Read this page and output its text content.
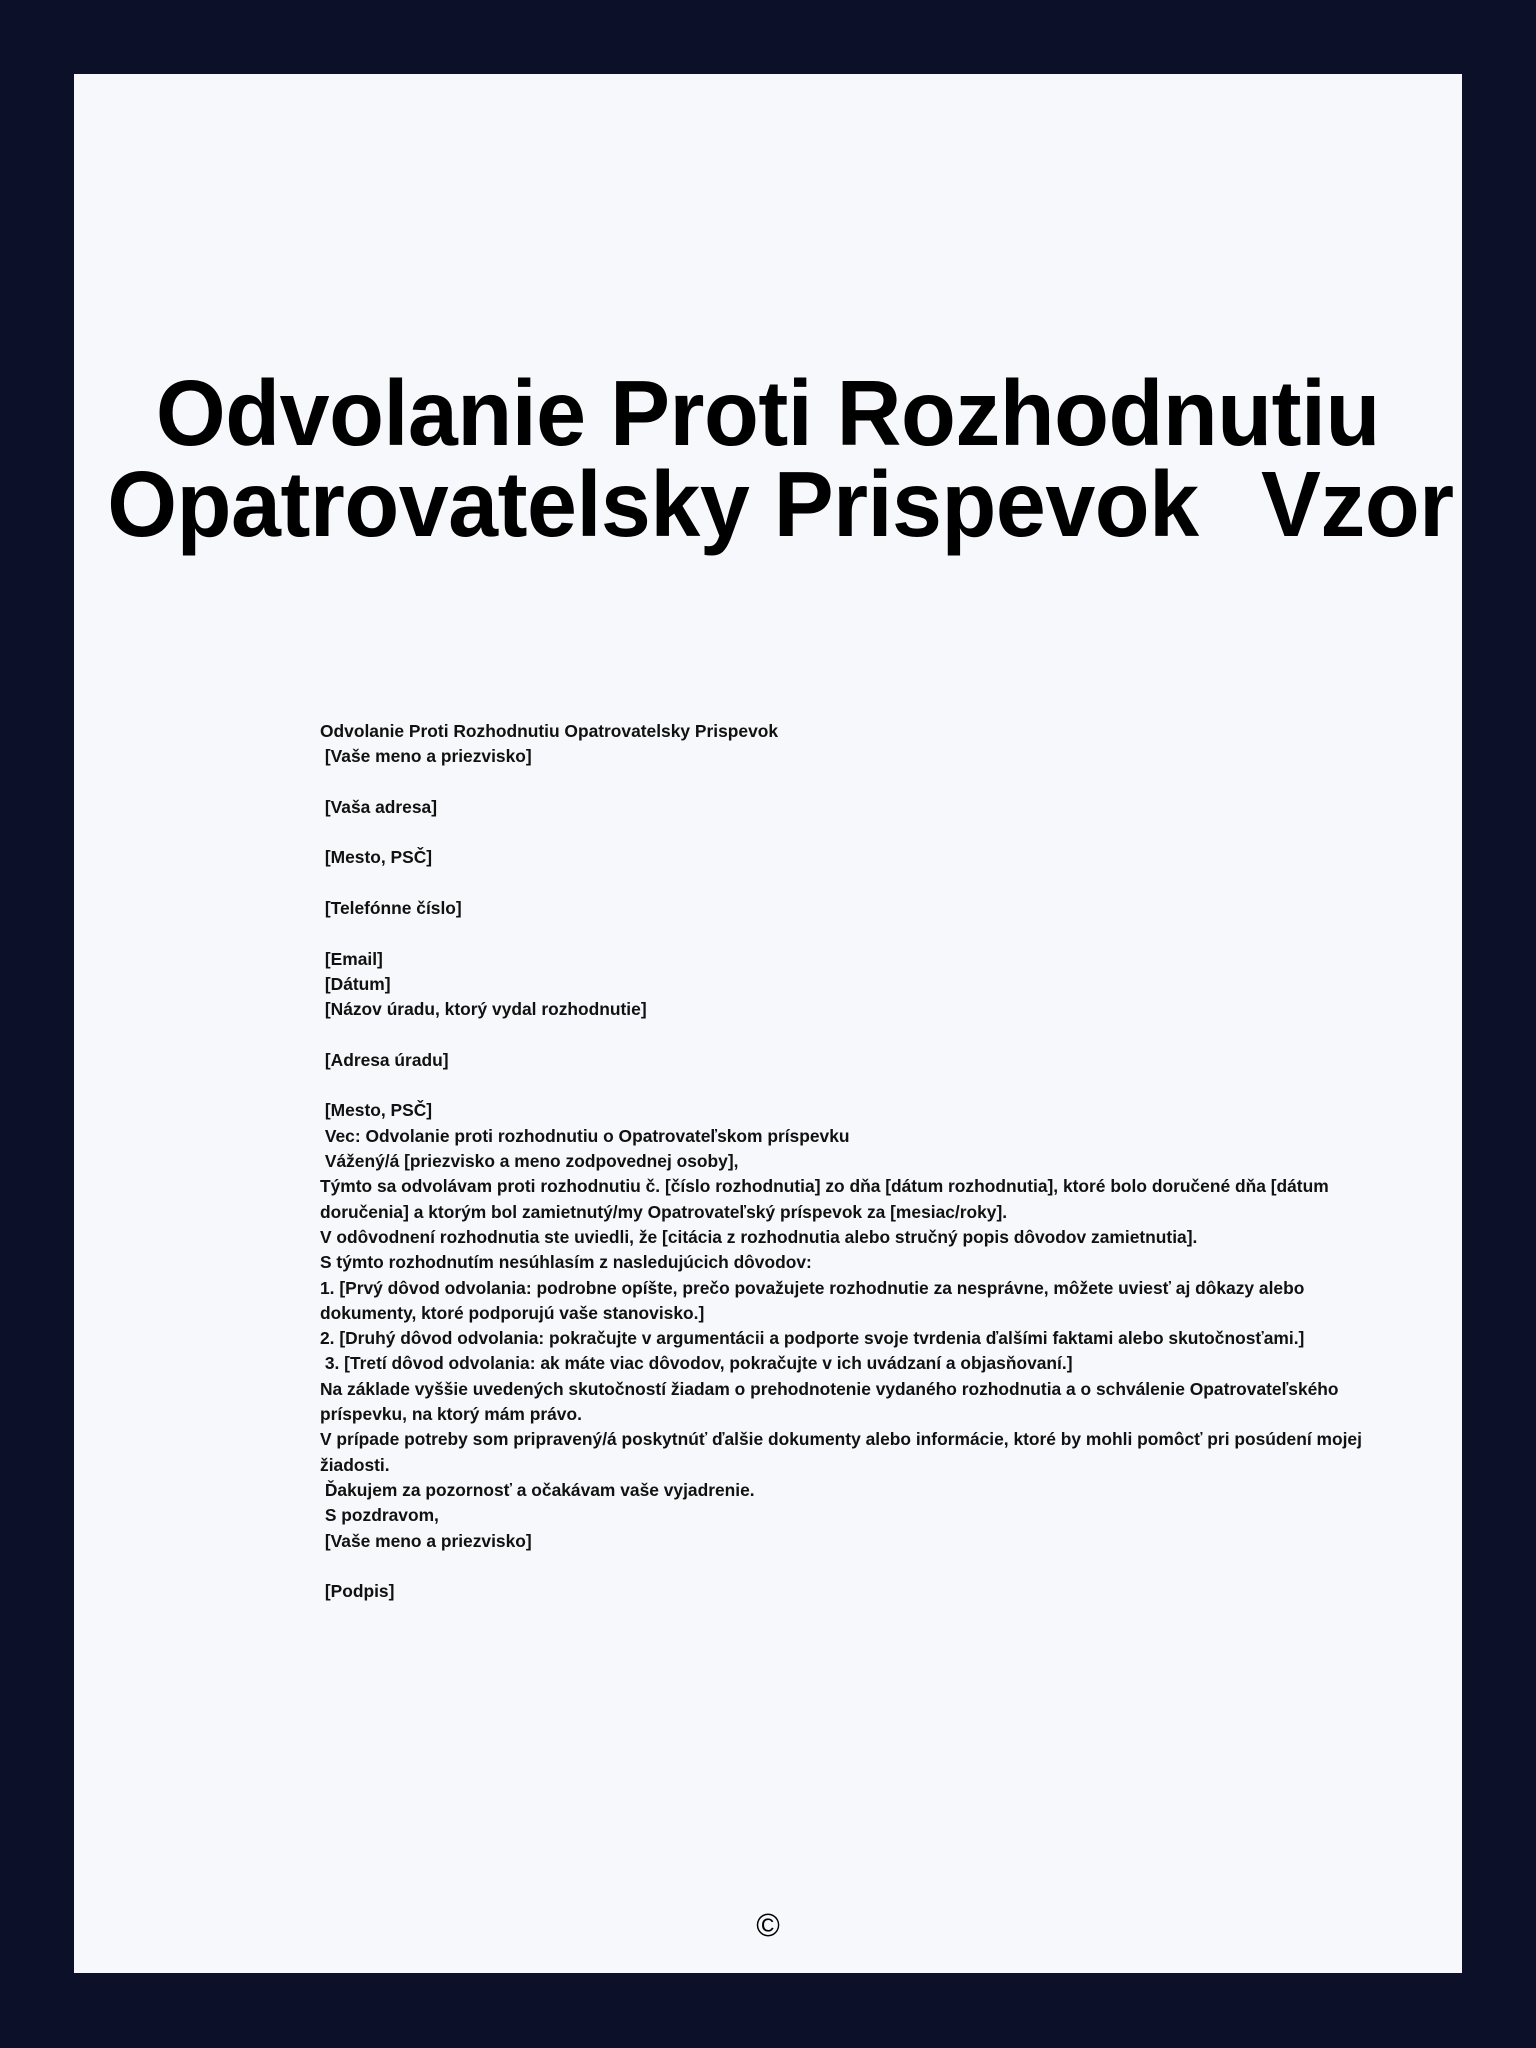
Odvolanie Proti Rozhodnutiu Opatrovatelsky Prispevok Vzor
Odvolanie Proti Rozhodnutiu Opatrovatelsky Prispevok
[Vaše meno a priezvisko]
[Vaša adresa]
[Mesto, PSČ]
[Telefónne číslo]
[Email]
[Dátum]
[Názov úradu, ktorý vydal rozhodnutie]
[Adresa úradu]
[Mesto, PSČ]
Vec: Odvolanie proti rozhodnutiu o Opatrovateľskom príspevku
Vážený/á [priezvisko a meno zodpovednej osoby],
Týmto sa odvolávam proti rozhodnutiu č. [číslo rozhodnutia] zo dňa [dátum rozhodnutia], ktoré bolo doručené dňa [dátum doručenia] a ktorým bol zamietnutý/my Opatrovateľský príspevok za [mesiac/roky].
V odôvodnení rozhodnutia ste uviedli, že [citácia z rozhodnutia alebo stručný popis dôvodov zamietnutia].
S týmto rozhodnutím nesúhlasím z nasledujúcich dôvodov:
1. [Prvý dôvod odvolania: podrobne opíšte, prečo považujete rozhodnutie za nesprávne, môžete uviesť aj dôkazy alebo dokumenty, ktoré podporujú vaše stanovisko.]
2. [Druhý dôvod odvolania: pokračujte v argumentácii a podporte svoje tvrdenia ďalšími faktami alebo skutočnosťami.]
3. [Tretí dôvod odvolania: ak máte viac dôvodov, pokračujte v ich uvádzaní a objasňovaní.]
Na základe vyššie uvedených skutočností žiadam o prehodnotenie vydaného rozhodnutia a o schválenie Opatrovateľského príspevku, na ktorý mám právo.
V prípade potreby som pripravený/á poskytnúť ďalšie dokumenty alebo informácie, ktoré by mohli pomôcť pri posúdení mojej žiadosti.
Ďakujem za pozornosť a očakávam vaše vyjadrenie.
S pozdravom,
[Vaše meno a priezvisko]
[Podpis]
©
